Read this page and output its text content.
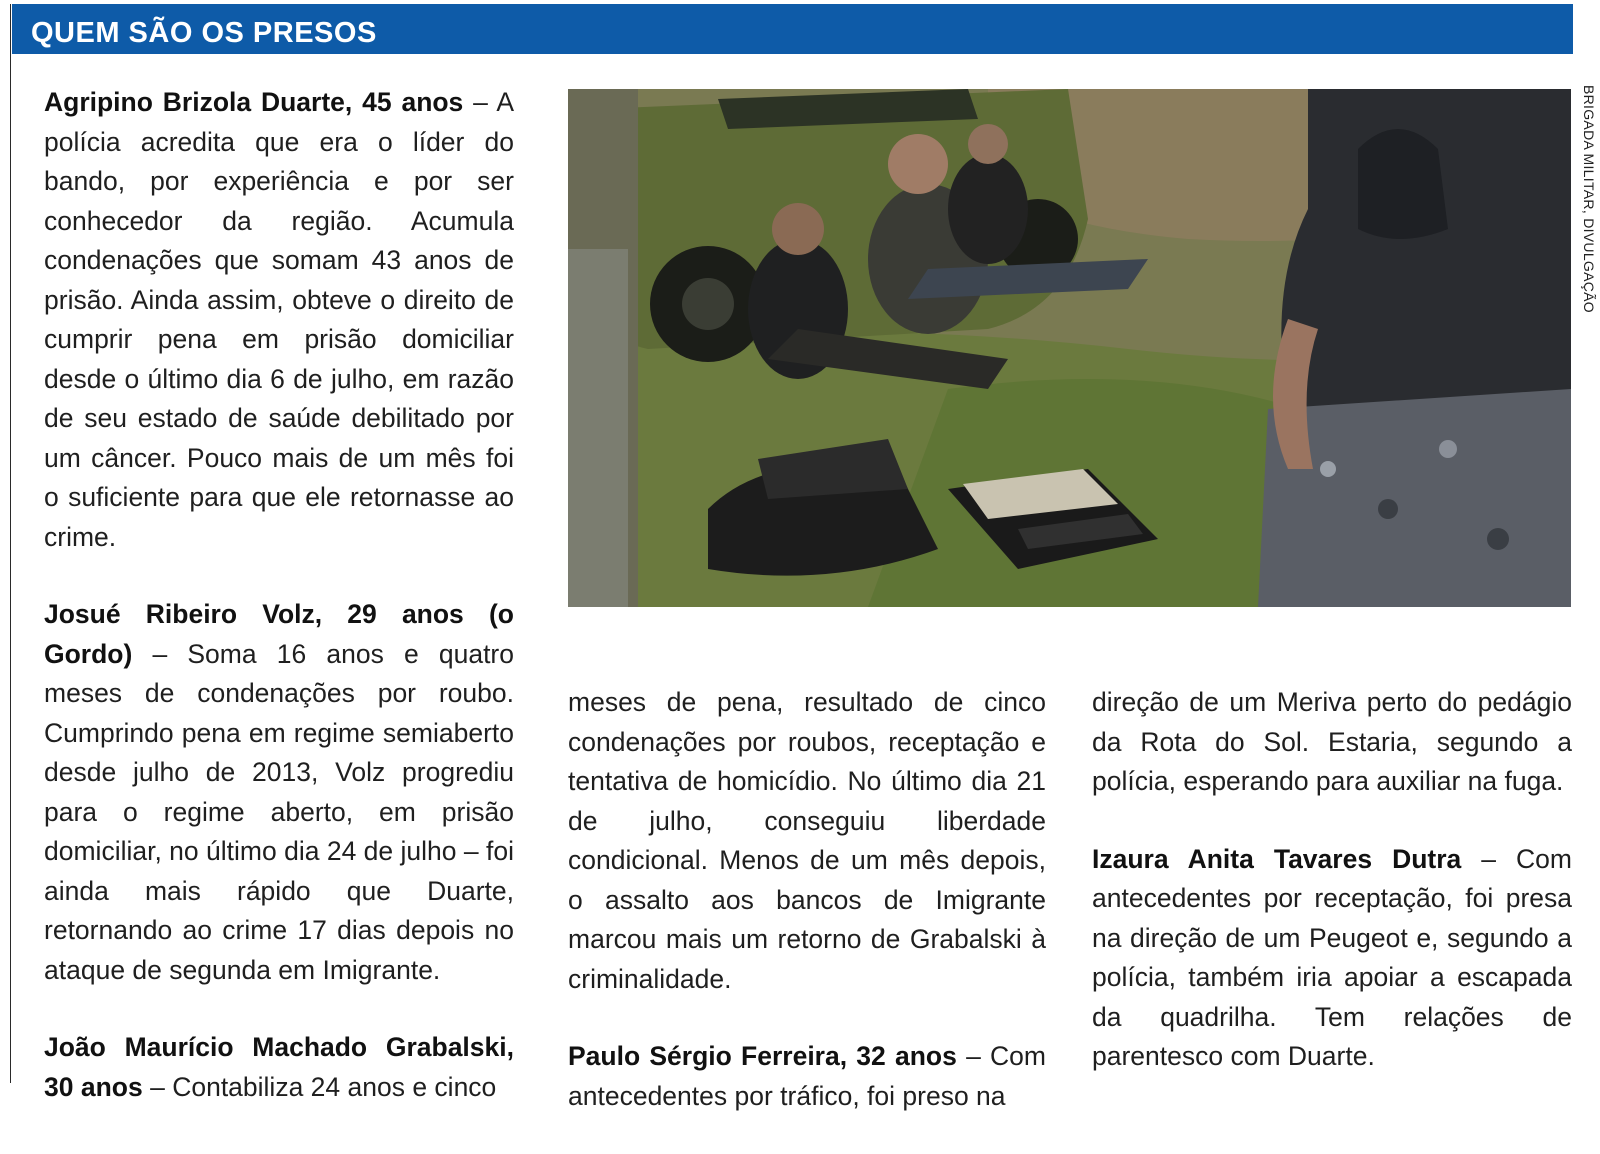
QUEM SÃO OS PRESOS

Agripino Brizola Duarte, 45 anos – A polícia acredita que era o líder do bando, por experiência e por ser conhecedor da região. Acumula condenações que somam 43 anos de prisão. Ainda assim, obteve o direito de cumprir pena em prisão domiciliar desde o último dia 6 de julho, em razão de seu estado de saúde debilitado por um câncer. Pouco mais de um mês foi o suficiente para que ele retornasse ao crime.

Josué Ribeiro Volz, 29 anos (o Gordo) – Soma 16 anos e quatro meses de condenações por roubo. Cumprindo pena em regime semiaberto desde julho de 2013, Volz progrediu para o regime aberto, em prisão domiciliar, no último dia 24 de julho – foi ainda mais rápido que Duarte, retornando ao crime 17 dias depois no ataque de segunda em Imigrante.

João Maurício Machado Grabalski, 30 anos – Contabiliza 24 anos e cinco

BRIGADA MILITAR, DIVULGAÇÃO

meses de pena, resultado de cinco condenações por roubos, receptação e tentativa de homicídio. No último dia 21 de julho, conseguiu liberdade condicional. Menos de um mês depois, o assalto aos bancos de Imigrante marcou mais um retorno de Grabalski à criminalidade.

Paulo Sérgio Ferreira, 32 anos – Com antecedentes por tráfico, foi preso na

direção de um Meriva perto do pedágio da Rota do Sol. Estaria, segundo a polícia, esperando para auxiliar na fuga.

Izaura Anita Tavares Dutra – Com antecedentes por receptação, foi presa na direção de um Peugeot e, segundo a polícia, também iria apoiar a escapada da quadrilha. Tem relações de parentesco com Duarte.
